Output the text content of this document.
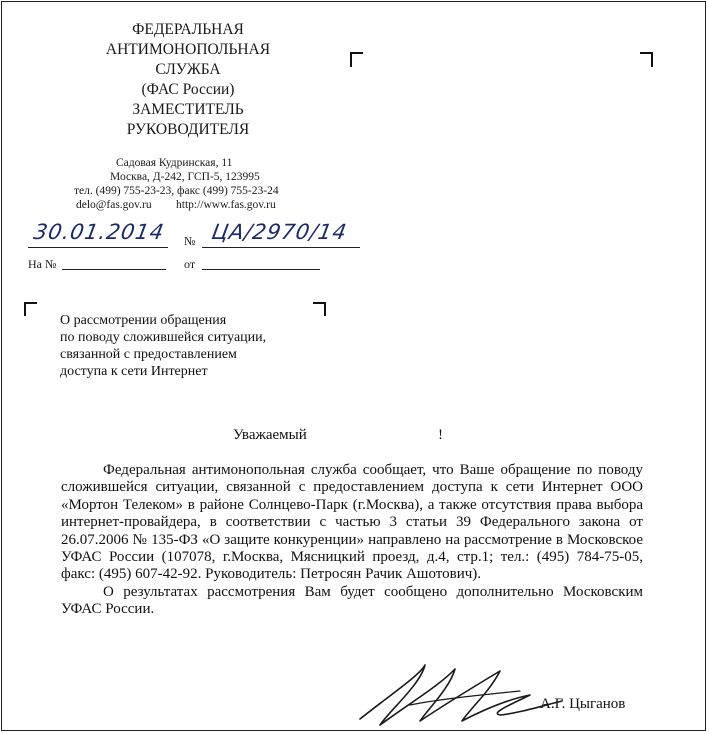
ФЕДЕРАЛЬНАЯ
АНТИМОНОПОЛЬНАЯ
СЛУЖБА
(ФАС России)
ЗАМЕСТИТЕЛЬ
РУКОВОДИТЕЛЯ
Садовая Кудринская, 11
Москва, Д-242, ГСП-5, 123995
тел. (499) 755-23-23, факс (499) 755-23-24
delo@fas.gov.ru http://www.fas.gov.ru
30.01.2014 № ЦА/2970/14
На №	от
О рассмотрении обращения
по поводу сложившейся ситуации,
связанной с предоставлением
доступа к сети Интернет
Уважаемый	!

Федеральная антимонопольная служба сообщает, что Ваше обращение по поводу сложившейся ситуации, связанной с предоставлением доступа к сети Интернет ООО «Мортон Телеком» в районе Солнцево-Парк (г.Москва), а также отсутствия права выбора интернет-провайдера, в соответствии с частью 3 статьи 39 Федерального закона от 26.07.2006 № 135-ФЗ «О защите конкуренции» направлено на рассмотрение в Московское УФАС России (107078, г.Москва, Мясницкий проезд, д.4, стр.1; тел.: (495) 784-75-05, факс: (495) 607-42-92. Руководитель: Петросян Рачик Ашотович).

О результатах рассмотрения Вам будет сообщено дополнительно Московским УФАС России.

А.Г. Цыганов
